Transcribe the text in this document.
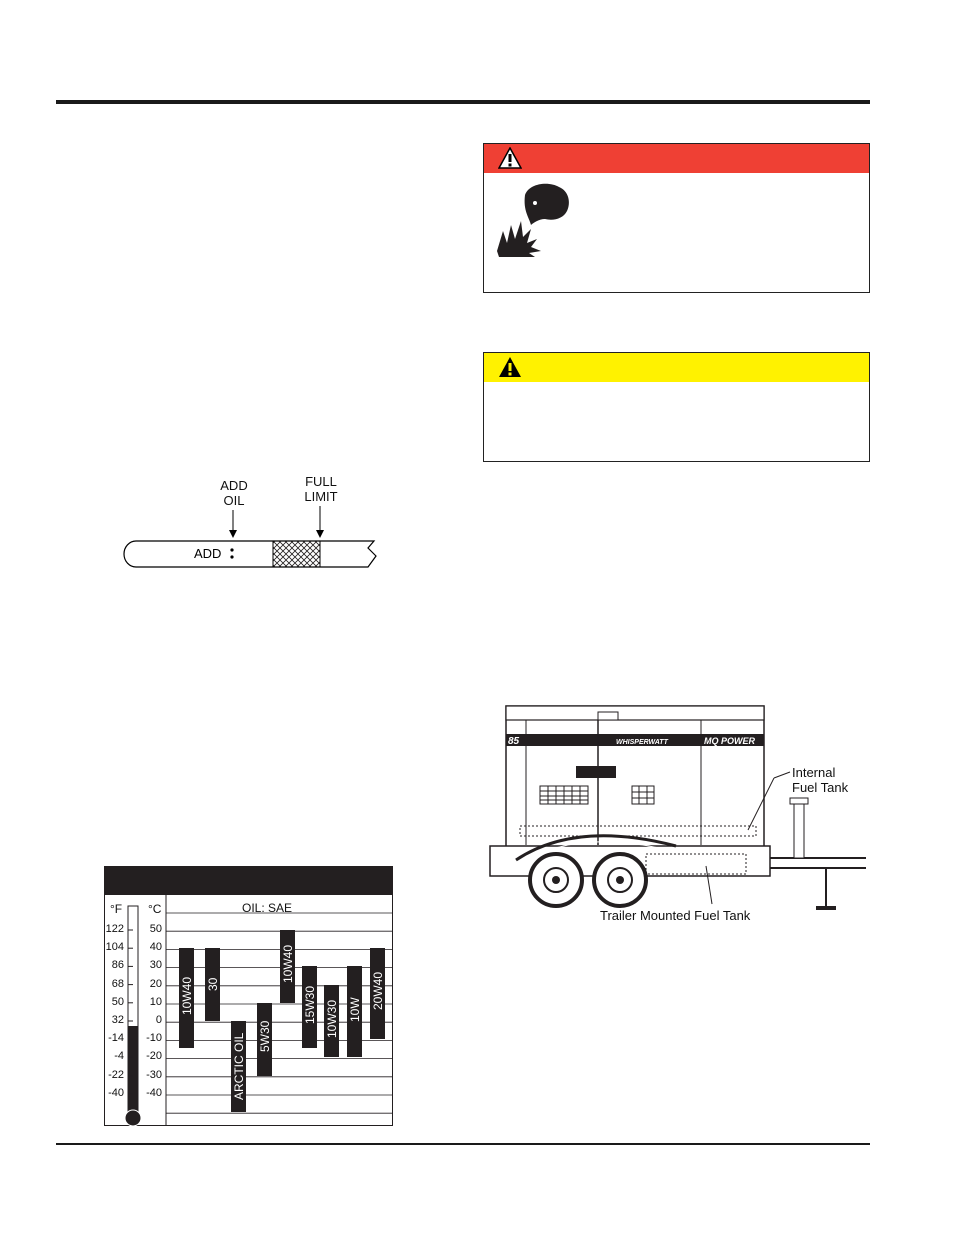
ADD
OIL
FULL
LIMIT
ADD
°F °C	OIL: SAE
122
104
86
68
50
32
-14
-4
-22
-40
50
40
30
20
10
0
-10
-20
-30
-40
10W40 30
ARCTIC OIL 5W30
10W40
15W30 10W30 10W 20W40
85	MQ POWER
WHISPERWATT
Internal
Fuel Tank
Trailer Mounted Fuel Tank
